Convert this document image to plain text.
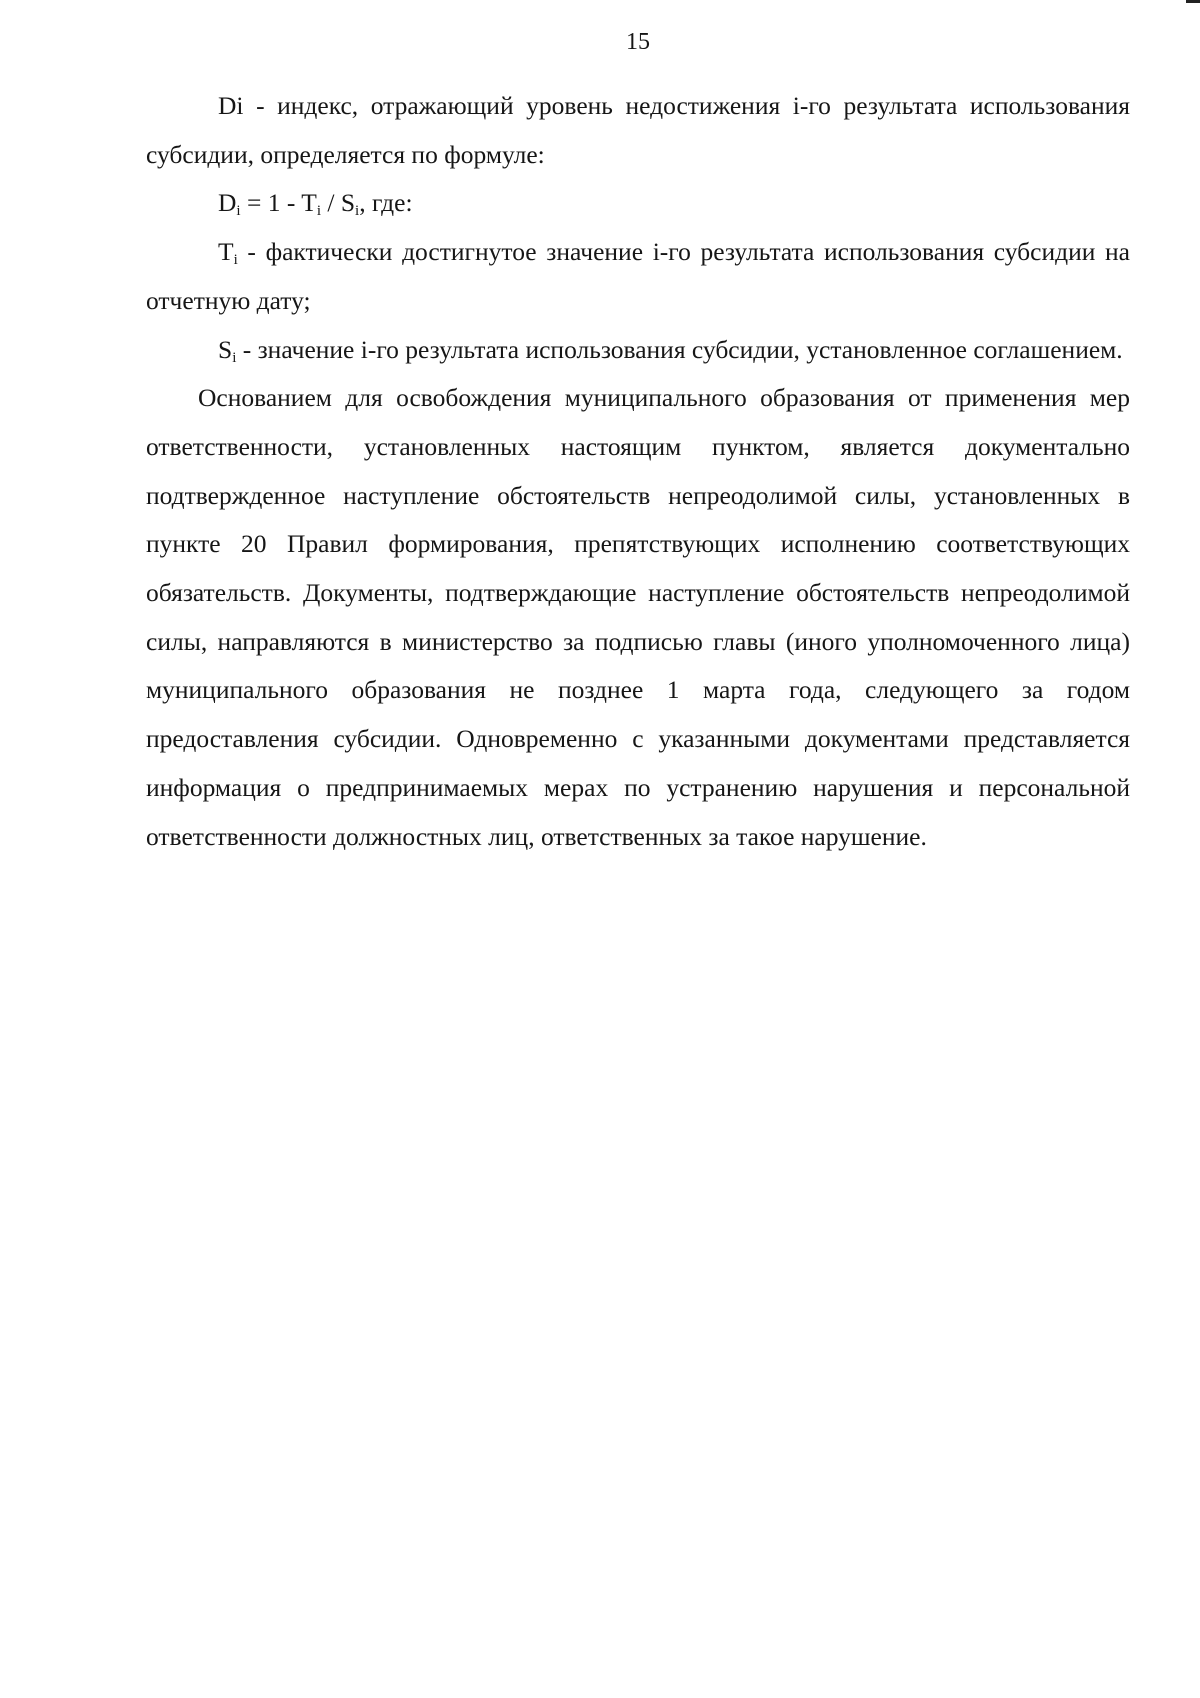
15

Di - индекс, отражающий уровень недостижения i-го результата использования субсидии, определяется по формуле:

$D_i = 1 - T_i / S_i$, где:

$T_i$ - фактически достигнутое значение i-го результата использования субсидии на отчетную дату;

$S_i$ - значение i-го результата использования субсидии, установленное соглашением.

Основанием для освобождения муниципального образования от применения мер ответственности, установленных настоящим пунктом, является документально подтвержденное наступление обстоятельств непреодолимой силы, установленных в пункте 20 Правил формирования, препятствующих исполнению соответствующих обязательств. Документы, подтверждающие наступление обстоятельств непреодолимой силы, направляются в министерство за подписью главы (иного уполномоченного лица) муниципального образования не позднее 1 марта года, следующего за годом предоставления субсидии. Одновременно с указанными документами представляется информация о предпринимаемых мерах по устранению нарушения и персональной ответственности должностных лиц, ответственных за такое нарушение.
